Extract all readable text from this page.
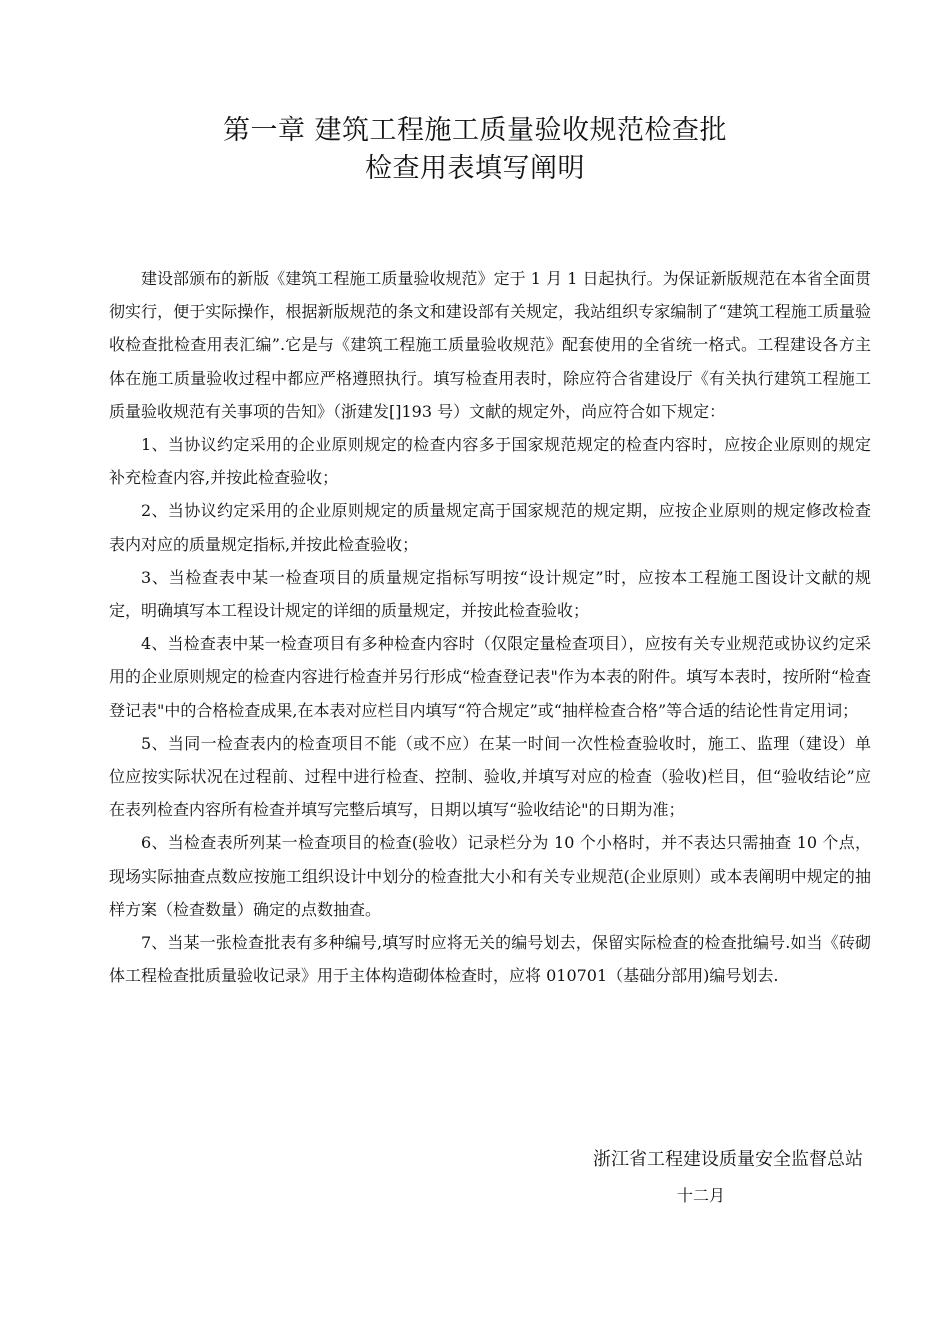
第一章 建筑工程施工质量验收规范检查批
检查用表填写阐明

建设部颁布的新版《建筑工程施工质量验收规范》定于 1 月 1 日起执行。为保证新版规范在本省全面贯彻实行，便于实际操作，根据新版规范的条文和建设部有关规定，我站组织专家编制了“建筑工程施工质量验收检查批检查用表汇编”.它是与《建筑工程施工质量验收规范》配套使用的全省统一格式。工程建设各方主体在施工质量验收过程中都应严格遵照执行。填写检查用表时，除应符合省建设厅《有关执行建筑工程施工质量验收规范有关事项的告知》（浙建发[]193 号）文献的规定外，尚应符合如下规定：

1、当协议约定采用的企业原则规定的检查内容多于国家规范规定的检查内容时，应按企业原则的规定补充检查内容,并按此检查验收；

2、当协议约定采用的企业原则规定的质量规定高于国家规范的规定期，应按企业原则的规定修改检查表内对应的质量规定指标,并按此检查验收；

3、当检查表中某一检查项目的质量规定指标写明按“设计规定”时，应按本工程施工图设计文献的规定，明确填写本工程设计规定的详细的质量规定，并按此检查验收；

4、当检查表中某一检查项目有多种检查内容时（仅限定量检查项目），应按有关专业规范或协议约定采用的企业原则规定的检查内容进行检查并另行形成“检查登记表"作为本表的附件。填写本表时，按所附“检查登记表"中的合格检查成果,在本表对应栏目内填写“符合规定”或“抽样检查合格”等合适的结论性肯定用词；

5、当同一检查表内的检查项目不能（或不应）在某一时间一次性检查验收时，施工、监理（建设）单位应按实际状况在过程前、过程中进行检查、控制、验收,并填写对应的检查（验收)栏目，但“验收结论”应在表列检查内容所有检查并填写完整后填写，日期以填写“验收结论"的日期为准；

6、当检查表所列某一检查项目的检查(验收）记录栏分为 10 个小格时，并不表达只需抽查 10 个点，现场实际抽查点数应按施工组织设计中划分的检查批大小和有关专业规范(企业原则）或本表阐明中规定的抽样方案（检查数量）确定的点数抽查。

7、当某一张检查批表有多种编号,填写时应将无关的编号划去，保留实际检查的检查批编号.如当《砖砌体工程检查批质量验收记录》用于主体构造砌体检查时，应将 010701（基础分部用)编号划去.

浙江省工程建设质量安全监督总站
十二月
